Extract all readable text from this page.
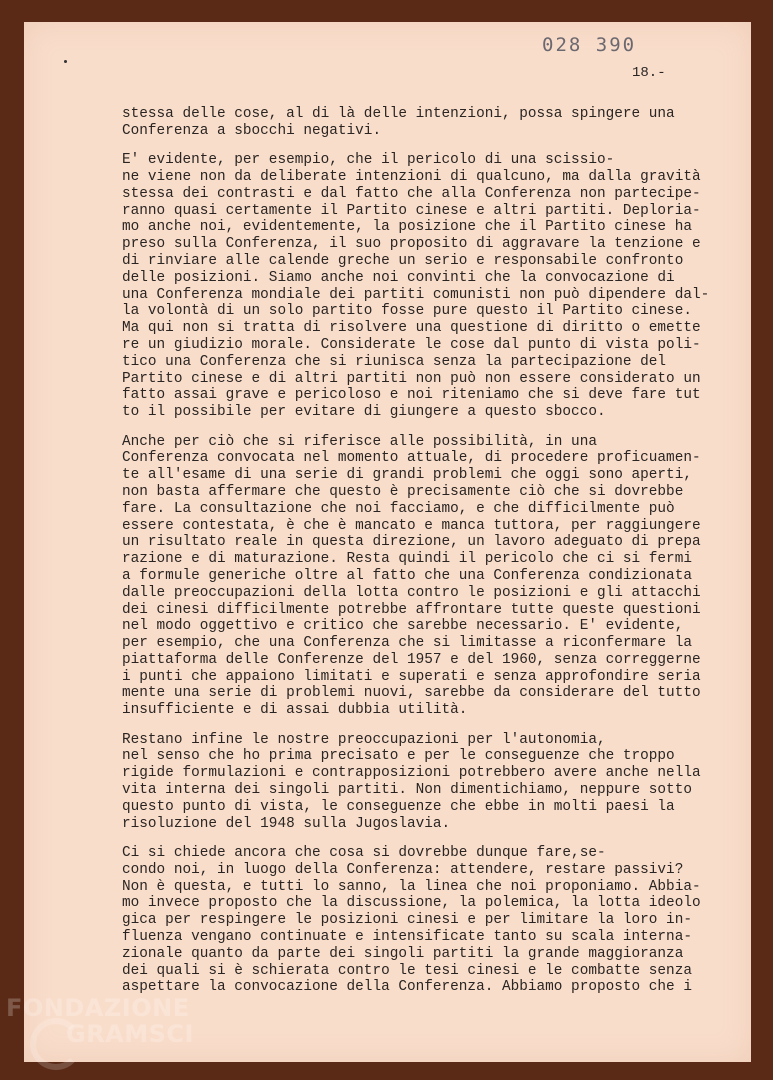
028 390
18.-

stessa delle cose, al di là delle intenzioni, possa spingere una
Conferenza a sbocchi negativi.

E' evidente, per esempio, che il pericolo di una scissio-
ne viene non da deliberate intenzioni di qualcuno, ma dalla gravità
stessa dei contrasti e dal fatto che alla Conferenza non partecipe-
ranno quasi certamente il Partito cinese e altri partiti. Deploria-
mo anche noi, evidentemente, la posizione che il Partito cinese ha
preso sulla Conferenza, il suo proposito di aggravare la tenzione e
di rinviare alle calende greche un serio e responsabile confronto
delle posizioni. Siamo anche noi convinti che la convocazione di
una Conferenza mondiale dei partiti comunisti non può dipendere dal-
la volontà di un solo partito fosse pure questo il Partito cinese.
Ma qui non si tratta di risolvere una questione di diritto o emette
re un giudizio morale. Considerate le cose dal punto di vista poli-
tico una Conferenza che si riunisca senza la partecipazione del
Partito cinese e di altri partiti non può non essere considerato un
fatto assai grave e pericoloso e noi riteniamo che si deve fare tut
to il possibile per evitare di giungere a questo sbocco.

Anche per ciò che si riferisce alle possibilità, in una
Conferenza convocata nel momento attuale, di procedere proficuamen-
te all'esame di una serie di grandi problemi che oggi sono aperti,
non basta affermare che questo è precisamente ciò che si dovrebbe
fare. La consultazione che noi facciamo, e che difficilmente può
essere contestata, è che è mancato e manca tuttora, per raggiungere
un risultato reale in questa direzione, un lavoro adeguato di prepa
razione e di maturazione. Resta quindi il pericolo che ci si fermi
a formule generiche oltre al fatto che una Conferenza condizionata
dalle preoccupazioni della lotta contro le posizioni e gli attacchi
dei cinesi difficilmente potrebbe affrontare tutte queste questioni
nel modo oggettivo e critico che sarebbe necessario. E' evidente,
per esempio, che una Conferenza che si limitasse a riconfermare la
piattaforma delle Conferenze del 1957 e del 1960, senza correggerne
i punti che appaiono limitati e superati e senza approfondire seria
mente una serie di problemi nuovi, sarebbe da considerare del tutto
insufficiente e di assai dubbia utilità.

Restano infine le nostre preoccupazioni per l'autonomia,
nel senso che ho prima precisato e per le conseguenze che troppo
rigide formulazioni e contrapposizioni potrebbero avere anche nella
vita interna dei singoli partiti. Non dimentichiamo, neppure sotto
questo punto di vista, le conseguenze che ebbe in molti paesi la
risoluzione del 1948 sulla Jugoslavia.

Ci si chiede ancora che cosa si dovrebbe dunque fare,se-
condo noi, in luogo della Conferenza: attendere, restare passivi?
Non è questa, e tutti lo sanno, la linea che noi proponiamo. Abbia-
mo invece proposto che la discussione, la polemica, la lotta ideolo
gica per respingere le posizioni cinesi e per limitare la loro in-
fluenza vengano continuate e intensificate tanto su scala interna-
zionale quanto da parte dei singoli partiti la grande maggioranza
dei quali si è schierata contro le tesi cinesi e le combatte senza
aspettare la convocazione della Conferenza. Abbiamo proposto che i

FONDAZIONE
GRAMSCI
